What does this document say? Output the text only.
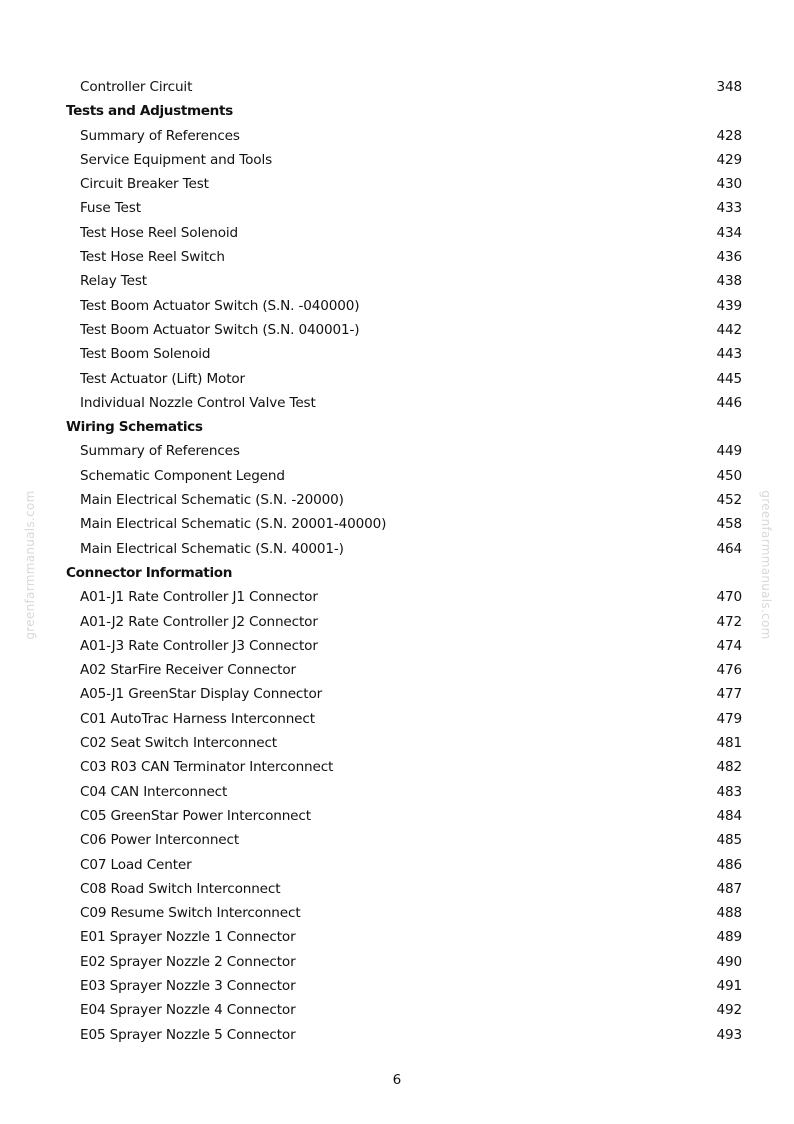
greenfarmmanuals.com	greenfarmmanuals.com
Controller Circuit	348
Tests and Adjustments
Summary of References	428
Service Equipment and Tools	429
Circuit Breaker Test	430
Fuse Test	433
Test Hose Reel Solenoid	434
Test Hose Reel Switch	436
Relay Test	438
Test Boom Actuator Switch (S.N. -040000)	439
Test Boom Actuator Switch (S.N. 040001-)	442
Test Boom Solenoid	443
Test Actuator (Lift) Motor	445
Individual Nozzle Control Valve Test	446
Wiring Schematics
Summary of References	449
Schematic Component Legend	450
Main Electrical Schematic (S.N. -20000)	452
Main Electrical Schematic (S.N. 20001-40000)	458
Main Electrical Schematic (S.N. 40001-)	464
Connector Information
A01-J1 Rate Controller J1 Connector	470
A01-J2 Rate Controller J2 Connector	472
A01-J3 Rate Controller J3 Connector	474
A02 StarFire Receiver Connector	476
A05-J1 GreenStar Display Connector	477
C01 AutoTrac Harness Interconnect	479
C02 Seat Switch Interconnect	481
C03 R03 CAN Terminator Interconnect	482
C04 CAN Interconnect	483
C05 GreenStar Power Interconnect	484
C06 Power Interconnect	485
C07 Load Center	486
C08 Road Switch Interconnect	487
C09 Resume Switch Interconnect	488
E01 Sprayer Nozzle 1 Connector	489
E02 Sprayer Nozzle 2 Connector	490
E03 Sprayer Nozzle 3 Connector	491
E04 Sprayer Nozzle 4 Connector	492
E05 Sprayer Nozzle 5 Connector	493
6
